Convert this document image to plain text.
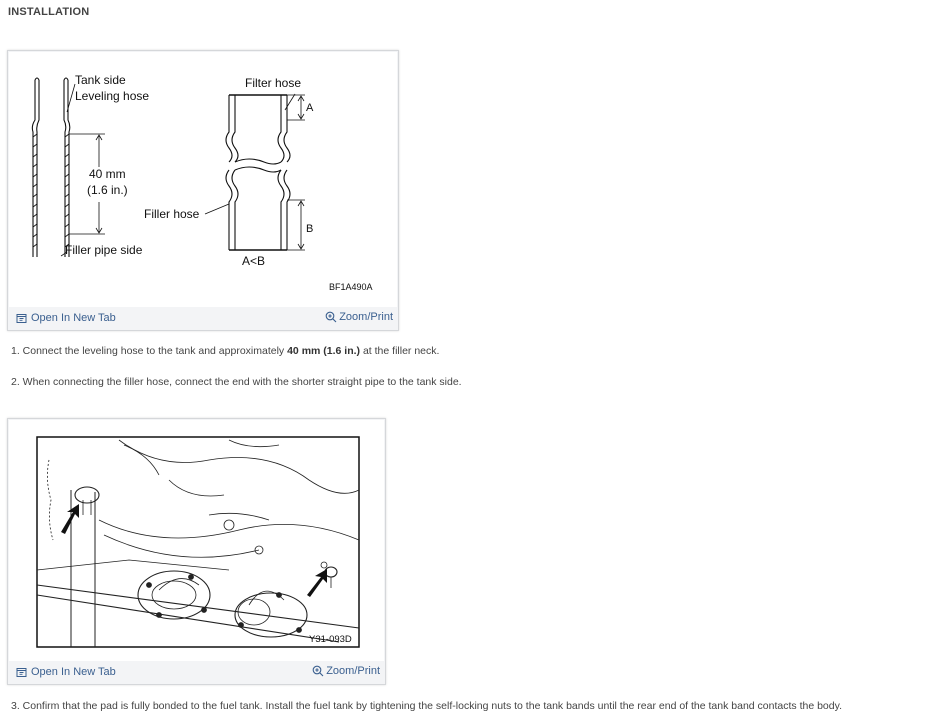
INSTALLATION
Tank side
Leveling hose
40 mm
(1.6 in.)
Filler pipe side
Filler hose
Filter hose
A
B
A<B
BF1A490A
Open In New Tab	Zoom/Print
1. Connect the leveling hose to the tank and approximately 40 mm (1.6 in.) at the filler neck.
2. When connecting the filler hose, connect the end with the shorter straight pipe to the tank side.
Y31-093D
Open In New Tab	Zoom/Print
3. Confirm that the pad is fully bonded to the fuel tank. Install the fuel tank by tightening the self-locking nuts to the tank bands until the rear end of the tank band contacts the body.
